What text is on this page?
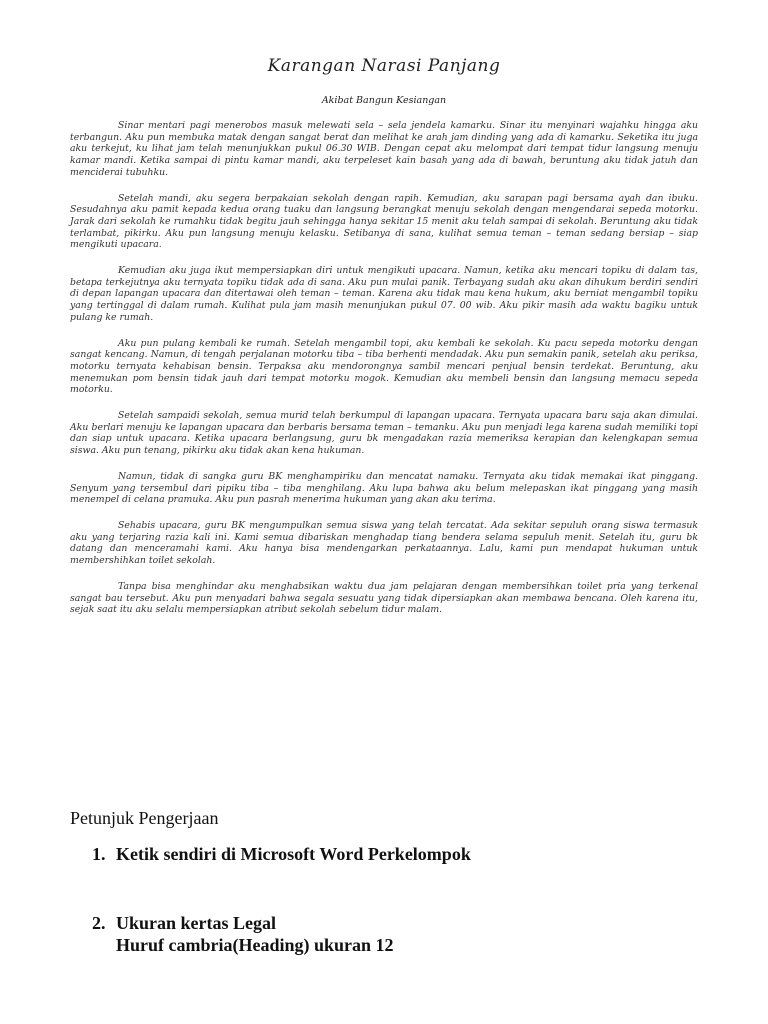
Karangan Narasi Panjang
Akibat Bangun Kesiangan

Sinar mentari pagi menerobos masuk melewati sela – sela jendela kamarku. Sinar itu menyinari wajahku hingga aku terbangun. Aku pun membuka matak dengan sangat berat dan melihat ke arah jam dinding yang ada di kamarku. Seketika itu juga aku terkejut, ku lihat jam telah menunjukkan pukul 06.30 WIB. Dengan cepat aku melompat dari tempat tidur langsung menuju kamar mandi. Ketika sampai di pintu kamar mandi, aku terpeleset kain basah yang ada di bawah, beruntung aku tidak jatuh dan menciderai tubuhku.

Setelah mandi, aku segera berpakaian sekolah dengan rapih. Kemudian, aku sarapan pagi bersama ayah dan ibuku. Sesudahnya aku pamit kepada kedua orang tuaku dan langsung berangkat menuju sekolah dengan mengendarai sepeda motorku. Jarak dari sekolah ke rumahku tidak begitu jauh sehingga hanya sekitar 15 menit aku telah sampai di sekolah. Beruntung aku tidak terlambat, pikirku. Aku pun langsung menuju kelasku. Setibanya di sana, kulihat semua teman – teman sedang bersiap – siap mengikuti upacara.

Kemudian aku juga ikut mempersiapkan diri untuk mengikuti upacara. Namun, ketika aku mencari topiku di dalam tas, betapa terkejutnya aku ternyata topiku tidak ada di sana. Aku pun mulai panik. Terbayang sudah aku akan dihukum berdiri sendiri di depan lapangan upacara dan ditertawai oleh teman – teman. Karena aku tidak mau kena hukum, aku berniat mengambil topiku yang tertinggal di dalam rumah. Kulihat pula jam masih menunjukan pukul 07. 00 wib. Aku pikir masih ada waktu bagiku untuk pulang ke rumah.

Aku pun pulang kembali ke rumah. Setelah mengambil topi, aku kembali ke sekolah. Ku pacu sepeda motorku dengan sangat kencang. Namun, di tengah perjalanan motorku tiba – tiba berhenti mendadak. Aku pun semakin panik, setelah aku periksa, motorku ternyata kehabisan bensin. Terpaksa aku mendorongnya sambil mencari penjual bensin terdekat. Beruntung, aku menemukan pom bensin tidak jauh dari tempat motorku mogok. Kemudian aku membeli bensin dan langsung memacu sepeda motorku.

Setelah sampaidi sekolah, semua murid telah berkumpul di lapangan upacara. Ternyata upacara baru saja akan dimulai. Aku berlari menuju ke lapangan upacara dan berbaris bersama teman – temanku. Aku pun menjadi lega karena sudah memiliki topi dan siap untuk upacara. Ketika upacara berlangsung, guru bk mengadakan razia memeriksa kerapian dan kelengkapan semua siswa. Aku pun tenang, pikirku aku tidak akan kena hukuman.

Namun, tidak di sangka guru BK menghampiriku dan mencatat namaku. Ternyata aku tidak memakai ikat pinggang. Senyum yang tersembul dari pipiku tiba – tiba menghilang. Aku lupa bahwa aku belum melepaskan ikat pinggang yang masih menempel di celana pramuka. Aku pun pasrah menerima hukuman yang akan aku terima.

Sehabis upacara, guru BK mengumpulkan semua siswa yang telah tercatat. Ada sekitar sepuluh orang siswa termasuk aku yang terjaring razia kali ini. Kami semua dibariskan menghadap tiang bendera selama sepuluh menit. Setelah itu, guru bk datang dan menceramahi kami. Aku hanya bisa mendengarkan perkataannya. Lalu, kami pun mendapat hukuman untuk membershihkan toilet sekolah.

Tanpa bisa menghindar aku menghabsikan waktu dua jam pelajaran dengan membersihkan toilet pria yang terkenal sangat bau tersebut. Aku pun menyadari bahwa segala sesuatu yang tidak dipersiapkan akan membawa bencana. Oleh karena itu, sejak saat itu aku selalu mempersiapkan atribut sekolah sebelum tidur malam.

Petunjuk Pengerjaan
1. Ketik sendiri di Microsoft Word Perkelompok
2. Ukuran kertas Legal
Huruf cambria(Heading) ukuran 12
